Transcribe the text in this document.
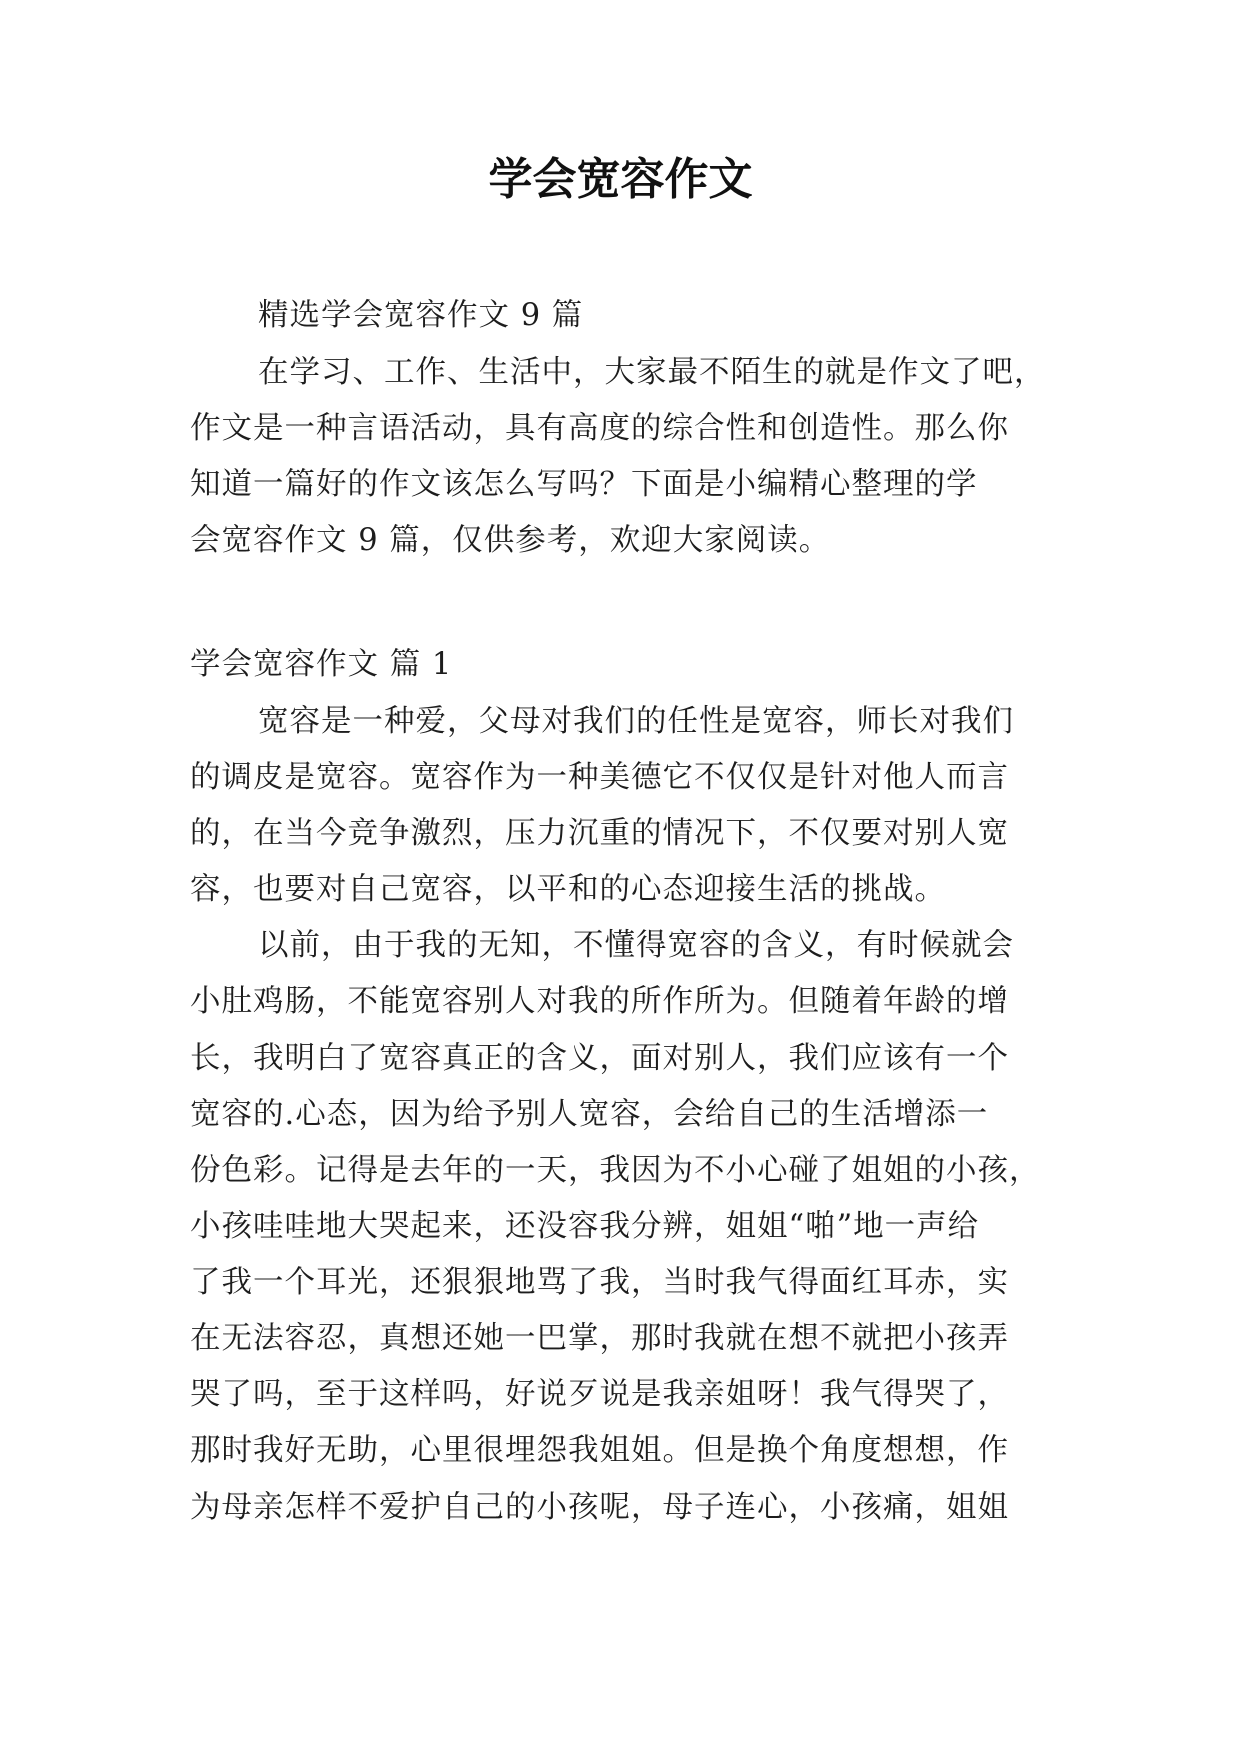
学会宽容作文
精选学会宽容作文 9 篇
在学习、工作、生活中，大家最不陌生的就是作文了吧，
作文是一种言语活动，具有高度的综合性和创造性。那么你
知道一篇好的作文该怎么写吗？下面是小编精心整理的学
会宽容作文 9 篇，仅供参考，欢迎大家阅读。
学会宽容作文 篇 1
宽容是一种爱，父母对我们的任性是宽容，师长对我们
的调皮是宽容。宽容作为一种美德它不仅仅是针对他人而言
的，在当今竞争激烈，压力沉重的情况下，不仅要对别人宽
容，也要对自己宽容，以平和的心态迎接生活的挑战。
以前，由于我的无知，不懂得宽容的含义，有时候就会
小肚鸡肠，不能宽容别人对我的所作所为。但随着年龄的增
长，我明白了宽容真正的含义，面对别人，我们应该有一个
宽容的.心态，因为给予别人宽容，会给自己的生活增添一
份色彩。记得是去年的一天，我因为不小心碰了姐姐的小孩，
小孩哇哇地大哭起来，还没容我分辨，姐姐“啪”地一声给
了我一个耳光，还狠狠地骂了我，当时我气得面红耳赤，实
在无法容忍，真想还她一巴掌，那时我就在想不就把小孩弄
哭了吗，至于这样吗，好说歹说是我亲姐呀！我气得哭了，
那时我好无助，心里很埋怨我姐姐。但是换个角度想想，作
为母亲怎样不爱护自己的小孩呢，母子连心，小孩痛，姐姐
